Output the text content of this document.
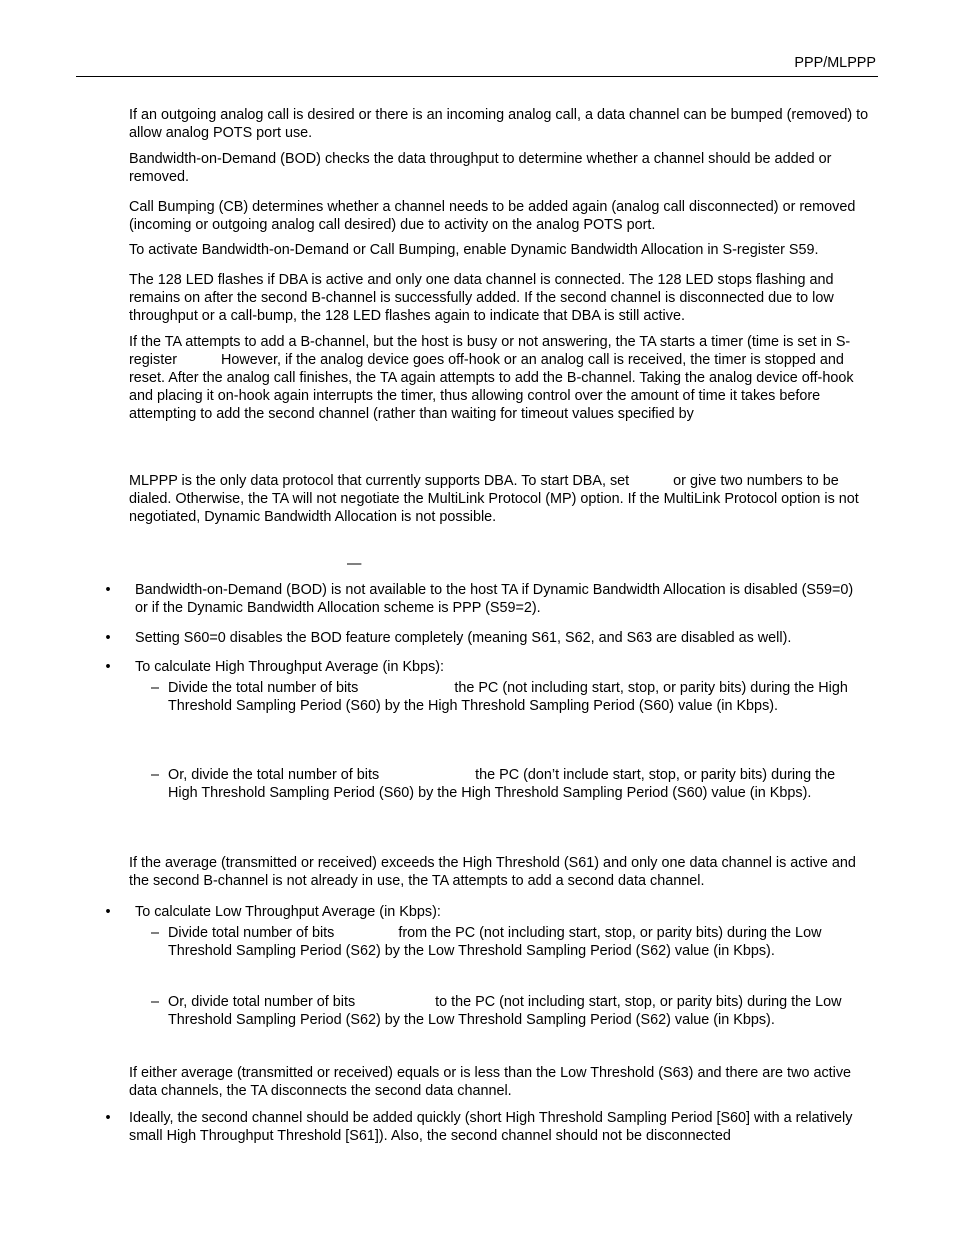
PPP/MLPPP

If an outgoing analog call is desired or there is an incoming analog call, a data channel can be bumped (removed) to allow analog POTS port use.

Bandwidth-on-Demand (BOD) checks the data throughput to determine whether a channel should be added or removed.

Call Bumping (CB) determines whether a channel needs to be added again (analog call disconnected) or removed (incoming or outgoing analog call desired) due to activity on the analog POTS port.

To activate Bandwidth-on-Demand or Call Bumping, enable Dynamic Bandwidth Allocation in S-register S59.

The 128 LED flashes if DBA is active and only one data channel is connected. The 128 LED stops flashing and remains on after the second B-channel is successfully added. If the second channel is disconnected due to low throughput or a call-bump, the 128 LED flashes again to indicate that DBA is still active.

If the TA attempts to add a B-channel, but the host is busy or not answering, the TA starts a timer (time is set in S-register           However, if the analog device goes off-hook or an analog call is received, the timer is stopped and reset. After the analog call finishes, the TA again attempts to add the B-channel. Taking the analog device off-hook and placing it on-hook again interrupts the timer, thus allowing control over the amount of time it takes before attempting to add the second channel (rather than waiting for timeout values specified by

MLPPP is the only data protocol that currently supports DBA. To start DBA, set           or give two numbers to be dialed. Otherwise, the TA will not negotiate the MultiLink Protocol (MP) option. If the MultiLink Protocol option is not negotiated, Dynamic Bandwidth Allocation is not possible.

—
• Bandwidth-on-Demand (BOD) is not available to the host TA if Dynamic Bandwidth Allocation is disabled (S59=0) or if the Dynamic Bandwidth Allocation scheme is PPP (S59=2).

• Setting S60=0 disables the BOD feature completely (meaning S61, S62, and S63 are disabled as well).

• To calculate High Throughput Average (in Kbps):

– Divide the total number of bits                        the PC (not including start, stop, or parity bits) during the High Threshold Sampling Period (S60) by the High Threshold Sampling Period (S60) value (in Kbps).

– Or, divide the total number of bits                        the PC (don’t include start, stop, or parity bits) during the High Threshold Sampling Period (S60) by the High Threshold Sampling Period (S60) value (in Kbps).

If the average (transmitted or received) exceeds the High Threshold (S61) and only one data channel is active and the second B-channel is not already in use, the TA attempts to add a second data channel.

• To calculate Low Throughput Average (in Kbps):

– Divide total number of bits                from the PC (not including start, stop, or parity bits) during the Low Threshold Sampling Period (S62) by the Low Threshold Sampling Period (S62) value (in Kbps).

– Or, divide total number of bits                    to the PC (not including start, stop, or parity bits) during the Low Threshold Sampling Period (S62) by the Low Threshold Sampling Period (S62) value (in Kbps).

If either average (transmitted or received) equals or is less than the Low Threshold (S63) and there are two active data channels, the TA disconnects the second data channel.

• Ideally, the second channel should be added quickly (short High Threshold Sampling Period [S60] with a relatively small High Throughput Threshold [S61]). Also, the second channel should not be disconnected
